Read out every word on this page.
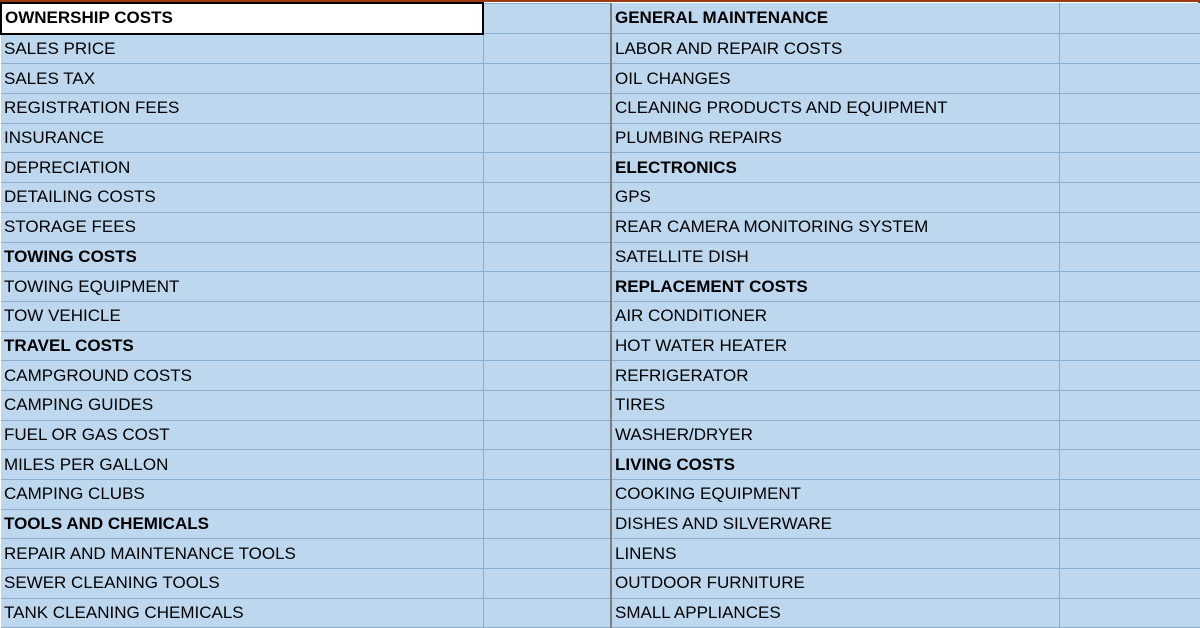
OWNERSHIP COSTS		GENERAL MAINTENANCE	
SALES PRICE		LABOR AND REPAIR COSTS	
SALES TAX		OIL CHANGES	
REGISTRATION FEES		CLEANING PRODUCTS AND EQUIPMENT	
INSURANCE		PLUMBING REPAIRS	
DEPRECIATION		ELECTRONICS	
DETAILING COSTS		GPS	
STORAGE FEES		REAR CAMERA MONITORING SYSTEM	
TOWING COSTS		SATELLITE DISH	
TOWING EQUIPMENT		REPLACEMENT COSTS	
TOW VEHICLE		AIR CONDITIONER	
TRAVEL COSTS		HOT WATER HEATER	
CAMPGROUND COSTS		REFRIGERATOR	
CAMPING GUIDES		TIRES	
FUEL OR GAS COST		WASHER/DRYER	
MILES PER GALLON		LIVING COSTS	
CAMPING CLUBS		COOKING EQUIPMENT	
TOOLS AND CHEMICALS		DISHES AND SILVERWARE	
REPAIR AND MAINTENANCE TOOLS		LINENS	
SEWER CLEANING TOOLS		OUTDOOR FURNITURE	
TANK CLEANING CHEMICALS		SMALL APPLIANCES	
